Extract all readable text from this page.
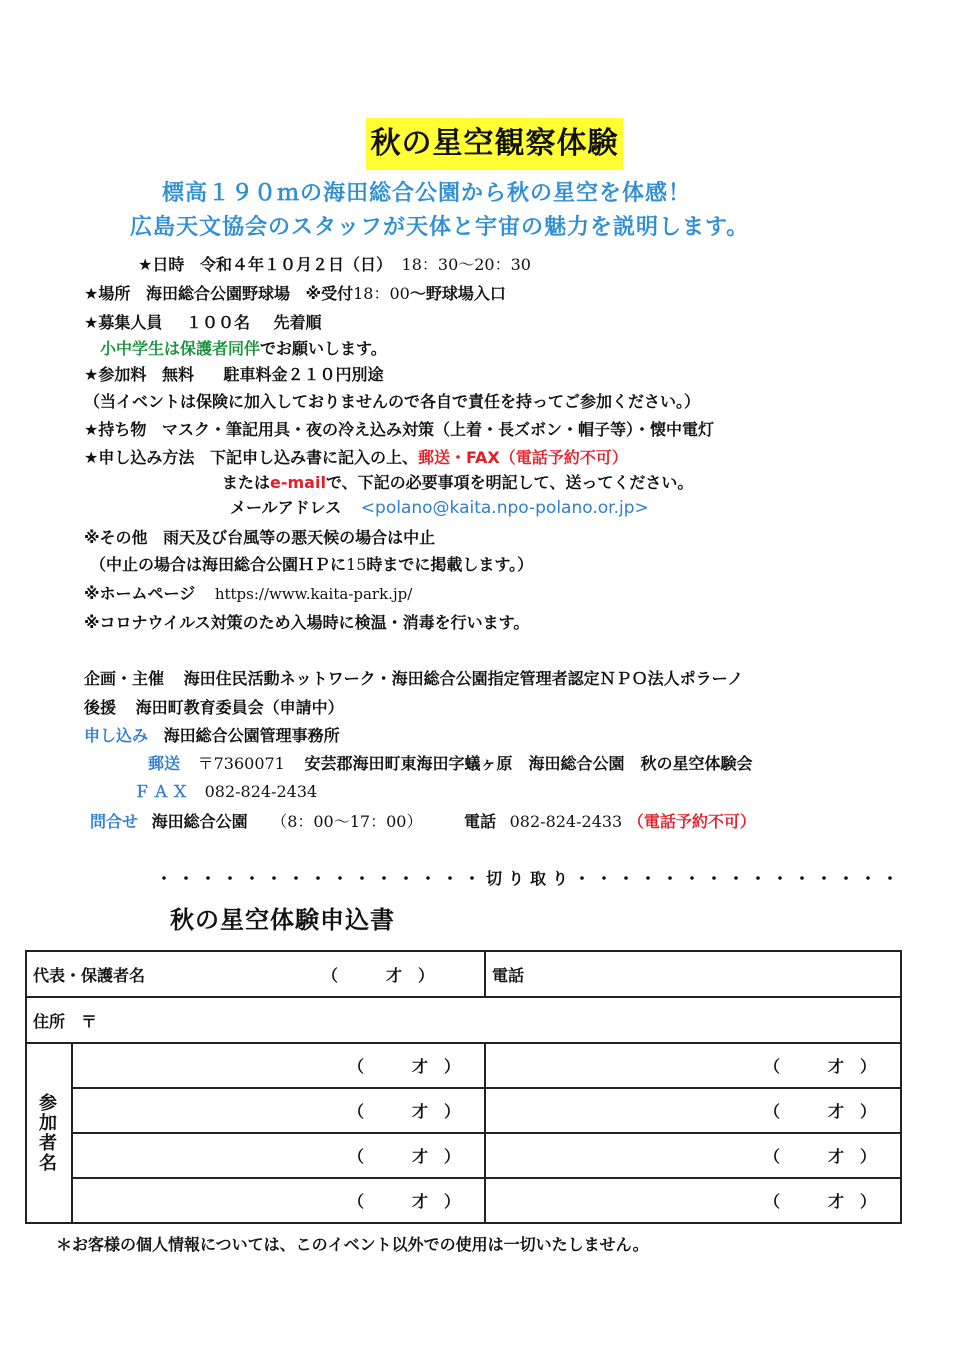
秋の星空観察体験
標高１９０ｍの海田総合公園から秋の星空を体感！
広島天文協会のスタッフが天体と宇宙の魅力を説明します。
★日時 令和４年１０月２日（日） 18：30〜20：30
★場所 海田総合公園野球場 ※受付18：00〜野球場入口
★募集人員 １００名 先着順
小中学生は保護者同伴でお願いします。
★参加料 無料 駐車料金２１０円別途
（当イベントは保険に加入しておりませんので各自で責任を持ってご参加ください。）
★持ち物 マスク・筆記用具・夜の冷え込み対策（上着・長ズボン・帽子等）・懐中電灯
★申し込み方法 下記申し込み書に記入の上、郵送・FAX（電話予約不可）
またはe-mailで、下記の必要事項を明記して、送ってください。
メールアドレス <polano@kaita.npo-polano.or.jp>
※その他 雨天及び台風等の悪天候の場合は中止
（中止の場合は海田総合公園ＨＰに15時までに掲載します。）
※ホームページ https://www.kaita-park.jp/
※コロナウイルス対策のため入場時に検温・消毒を行います。
企画・主催 海田住民活動ネットワーク・海田総合公園指定管理者認定ＮＰＯ法人ポラーノ
後援 海田町教育委員会（申請中）
申し込み 海田総合公園管理事務所
郵送 〒7360071 安芸郡海田町東海田字蟻ヶ原　海田総合公園　秋の星空体験会
ＦＡＸ 082-824-2434
問合せ 海田総合公園 （8：00〜17：00）	電話 082-824-2433 （電話予約不可）
・・・・・・・・・・・・・・・切り取り・・・・・・・・・・・・・・・
秋の星空体験申込書
代表・保護者名 （　才）		電話
住所　〒		

参加者名	（　才）	（　才）

	（　才）	（　才）

	（　才）	（　才）

	（　才）	（　才）
＊お客様の個人情報については、このイベント以外での使用は一切いたしません。
